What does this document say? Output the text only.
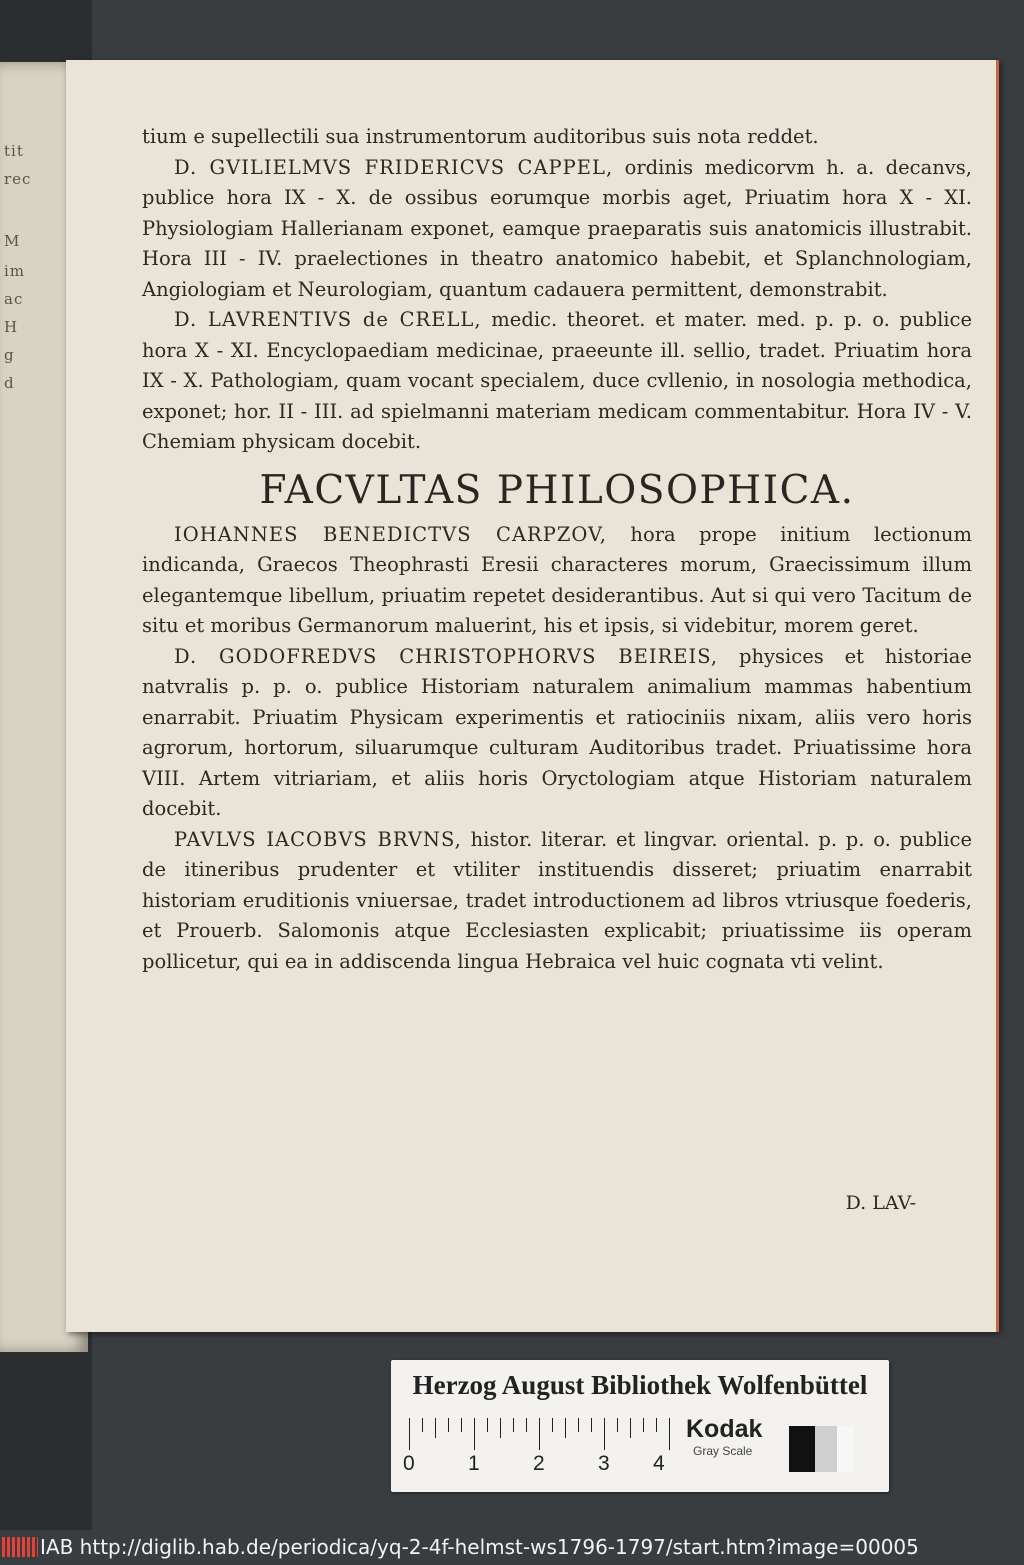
tit
rec
M
im
ac
H
g
d

tium e supellectili sua instrumentorum auditoribus suis nota reddet.

D. GVILIELMVS FRIDERICVS CAPPEL, ordinis medicorvm h. a. decanvs, publice hora IX - X. de ossibus eorumque morbis aget, Priuatim hora X - XI. Physiologiam Hallerianam exponet, eamque praeparatis suis anatomicis illustrabit. Hora III - IV. praelectiones in theatro anatomico habebit, et Splanchnologiam, Angiologiam et Neurologiam, quantum cadauera permittent, demonstrabit.

D. LAVRENTIVS de CRELL, medic. theoret. et mater. med. p. p. o. publice hora X - XI. Encyclopaediam medicinae, praeeunte ill. sellio, tradet. Priuatim hora IX - X. Pathologiam, quam vocant specialem, duce cvllenio, in nosologia methodica, exponet; hor. II - III. ad spielmanni materiam medicam commentabitur. Hora IV - V. Chemiam physicam docebit.

FACVLTAS PHILOSOPHICA.

IOHANNES BENEDICTVS CARPZOV, hora prope initium lectionum indicanda, Graecos Theophrasti Eresii characteres morum, Graecissimum illum elegantemque libellum, priuatim repetet desiderantibus. Aut si qui vero Tacitum de situ et moribus Germanorum maluerint, his et ipsis, si videbitur, morem geret.

D. GODOFREDVS CHRISTOPHORVS BEIREIS, physices et historiae natvralis p. p. o. publice Historiam naturalem animalium mammas habentium enarrabit. Priuatim Physicam experimentis et ratiociniis nixam, aliis vero horis agrorum, hortorum, siluarumque culturam Auditoribus tradet. Priuatissime hora VIII. Artem vitriariam, et aliis horis Oryctologiam atque Historiam naturalem docebit.

PAVLVS IACOBVS BRVNS, histor. literar. et lingvar. oriental. p. p. o. publice de itineribus prudenter et vtiliter instituendis disseret; priuatim enarrabit historiam eruditionis vniuersae, tradet introductionem ad libros vtriusque foederis, et Prouerb. Salomonis atque Ecclesiasten explicabit; priuatissime iis operam pollicetur, qui ea in addiscenda lingua Hebraica vel huic cognata vti velint.

D. LAV-
Herzog August Bibliothek Wolfenbüttel
0	1	2	3 4
Kodak
Gray Scale
IAB http://diglib.hab.de/periodica/yq-2-4f-helmst-ws1796-1797/start.htm?image=00005
